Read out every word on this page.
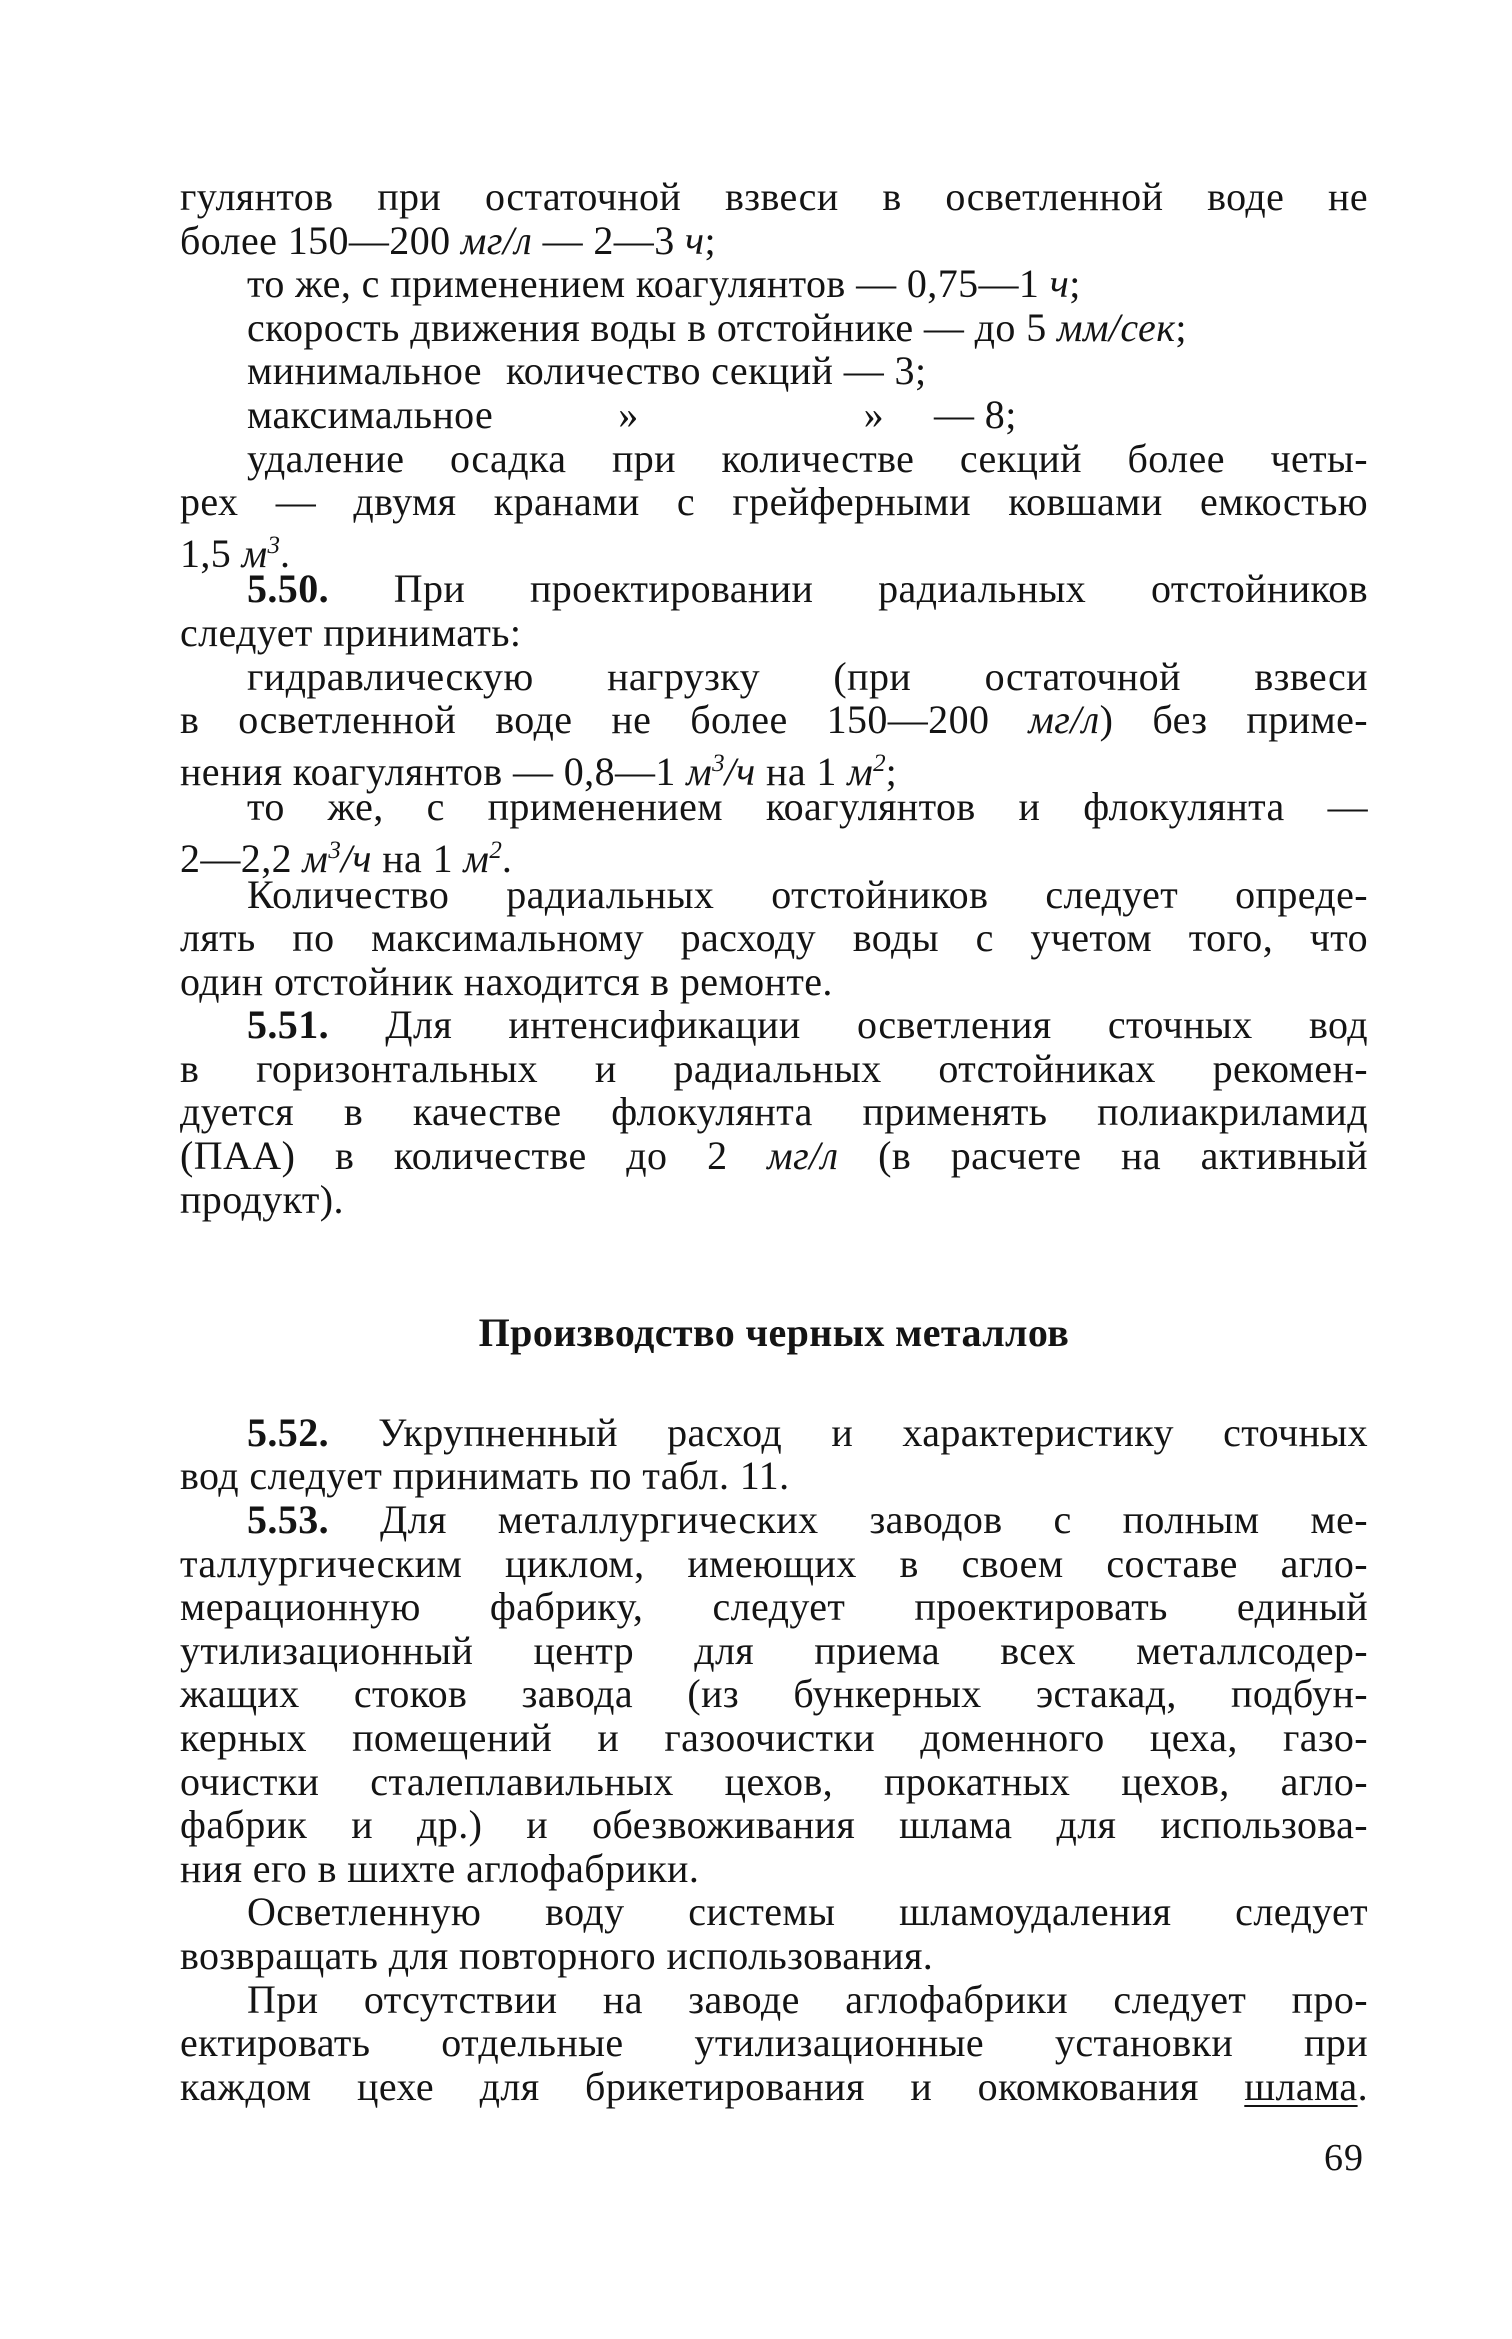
гулянтов при остаточной взвеси в осветленной воде не
более 150—200 мг/л — 2—3 ч;
то же, с применением коагулянтов — 0,75—1 ч;
скорость движения воды в отстойнике — до 5 мм/сек;
минимальное количество секций — 3;
максимальное	»	» — 8;
удаление осадка при количестве секций более четы-
рех — двумя кранами с грейферными ковшами емкостью
1,5 $м^3$.
5.50. При проектировании радиальных отстойников
следует принимать:
гидравлическую нагрузку (при остаточной взвеси
в осветленной воде не более 150—200 мг/л) без приме-
нения коагулянтов — 0,8—1 $м^3/ч$ на 1 $м^2$;
то же, с применением коагулянтов и флокулянта —
2—2,2 $м^3/ч$ на 1 $м^2$.
Количество радиальных отстойников следует опреде-
лять по максимальному расходу воды с учетом того, что
один отстойник находится в ремонте.
5.51. Для интенсификации осветления сточных вод
в горизонтальных и радиальных отстойниках рекомен-
дуется в качестве флокулянта применять полиакриламид
(ПАА) в количестве до 2 мг/л (в расчете на активный
продукт).
Производство черных металлов
5.52. Укрупненный расход и характеристику сточных
вод следует принимать по табл. 11.
5.53. Для металлургических заводов с полным ме-
таллургическим циклом, имеющих в своем составе агло-
мерационную фабрику, следует проектировать единый
утилизационный центр для приема всех металлсодер-
жащих стоков завода (из бункерных эстакад, подбун-
керных помещений и газоочистки доменного цеха, газо-
очистки сталеплавильных цехов, прокатных цехов, агло-
фабрик и др.) и обезвоживания шлама для использова-
ния его в шихте аглофабрики.
Осветленную воду системы шламоудаления следует
возвращать для повторного использования.
При отсутствии на заводе аглофабрики следует про-
ектировать отдельные утилизационные установки при
каждом цехе для брикетирования и окомкования шлама.
69
